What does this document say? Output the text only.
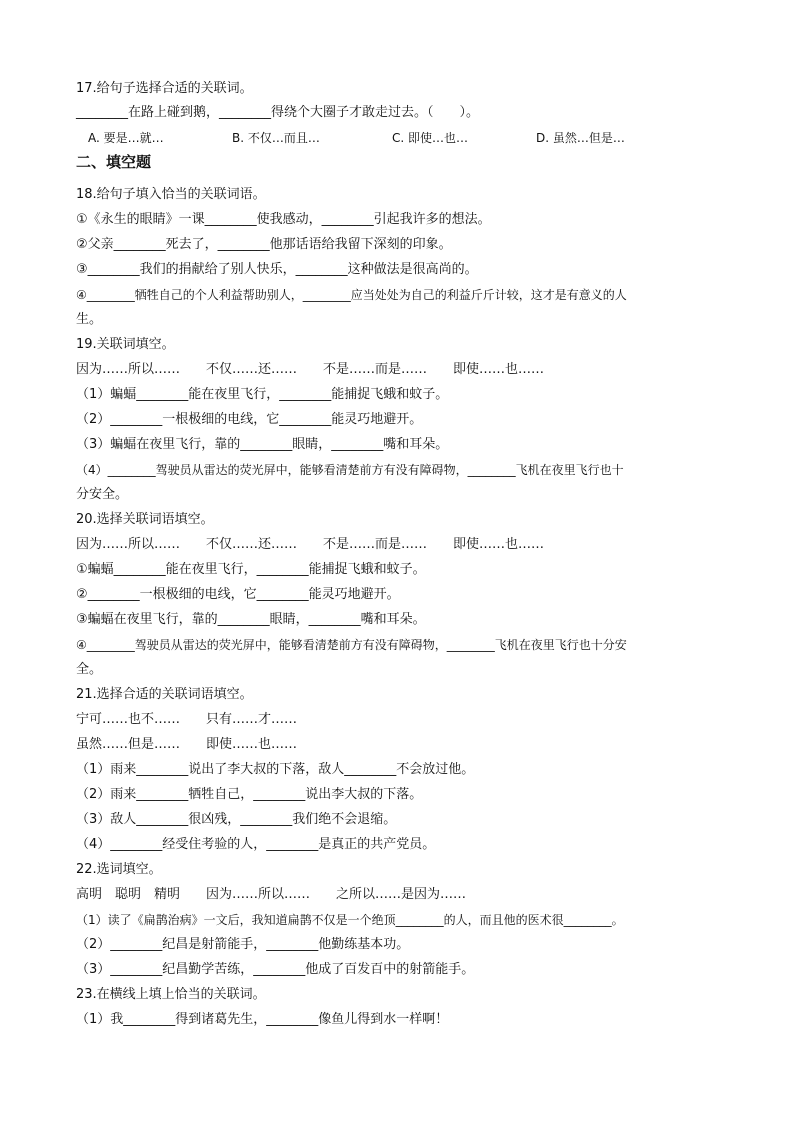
17.给句子选择合适的关联词。
________在路上碰到鹅，________得绕个大圈子才敢走过去。（　　）。
A. 要是…就…	B. 不仅…而且…	C. 即使…也…	D. 虽然…但是…
二、填空题
18.给句子填入恰当的关联词语。
①《永生的眼睛》一课________使我感动，________引起我许多的想法。
②父亲________死去了，________他那话语给我留下深刻的印象。
③________我们的捐献给了别人快乐，________这种做法是很高尚的。
④________牺牲自己的个人利益帮助别人，________应当处处为自己的利益斤斤计较，这才是有意义的人
生。
19.关联词填空。
因为……所以……　　不仅……还……　　不是……而是……　　即使……也……
（1）蝙蝠________能在夜里飞行，________能捕捉飞蛾和蚊子。
（2）________一根极细的电线，它________能灵巧地避开。
（3）蝙蝠在夜里飞行，靠的________眼睛，________嘴和耳朵。
（4）________驾驶员从雷达的荧光屏中，能够看清楚前方有没有障碍物，________飞机在夜里飞行也十
分安全。
20.选择关联词语填空。
因为……所以……　　不仅……还……　　不是……而是……　　即使……也……
①蝙蝠________能在夜里飞行，________能捕捉飞蛾和蚊子。
②________一根极细的电线，它________能灵巧地避开。
③蝙蝠在夜里飞行，靠的________眼睛，________嘴和耳朵。
④________驾驶员从雷达的荧光屏中，能够看清楚前方有没有障碍物，________飞机在夜里飞行也十分安
全。
21.选择合适的关联词语填空。
宁可……也不……　　只有……才……
虽然……但是……　　即使……也……
（1）雨来________说出了李大叔的下落，敌人________不会放过他。
（2）雨来________牺牲自己，________说出李大叔的下落。
（3）敌人________很凶残，________我们绝不会退缩。
（4）________经受住考验的人，________是真正的共产党员。
22.选词填空。
高明　聪明　精明　　因为……所以……　　之所以……是因为……
（1）读了《扁鹊治病》一文后，我知道扁鹊不仅是一个绝顶________的人，而且他的医术很________。
（2）________纪昌是射箭能手，________他勤练基本功。
（3）________纪昌勤学苦练，________他成了百发百中的射箭能手。
23.在横线上填上恰当的关联词。
（1）我________得到诸葛先生，________像鱼儿得到水一样啊！
